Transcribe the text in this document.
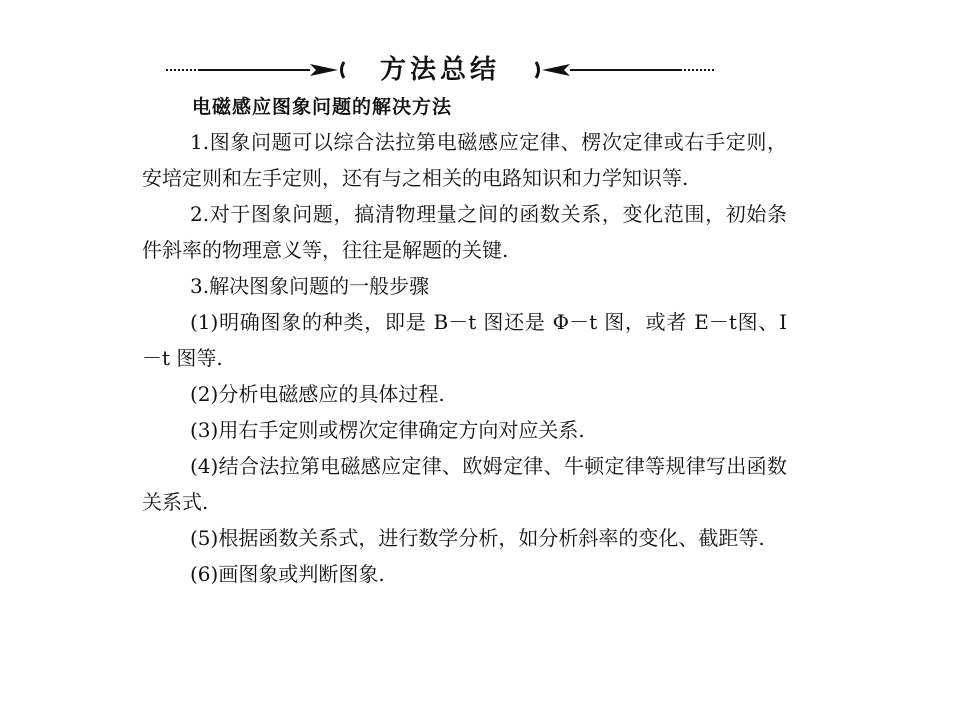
方法总结
电磁感应图象问题的解决方法

1.图象问题可以综合法拉第电磁感应定律、楞次定律或右手定则，安培定则和左手定则，还有与之相关的电路知识和力学知识等.

2.对于图象问题，搞清物理量之间的函数关系，变化范围，初始条件斜率的物理意义等，往往是解题的关键.

3.解决图象问题的一般步骤

(1)明确图象的种类，即是 B－t 图还是 Φ－t 图，或者 E－t图、I－t 图等.

(2)分析电磁感应的具体过程.

(3)用右手定则或楞次定律确定方向对应关系.

(4)结合法拉第电磁感应定律、欧姆定律、牛顿定律等规律写出函数关系式.

(5)根据函数关系式，进行数学分析，如分析斜率的变化、截距等.

(6)画图象或判断图象.
